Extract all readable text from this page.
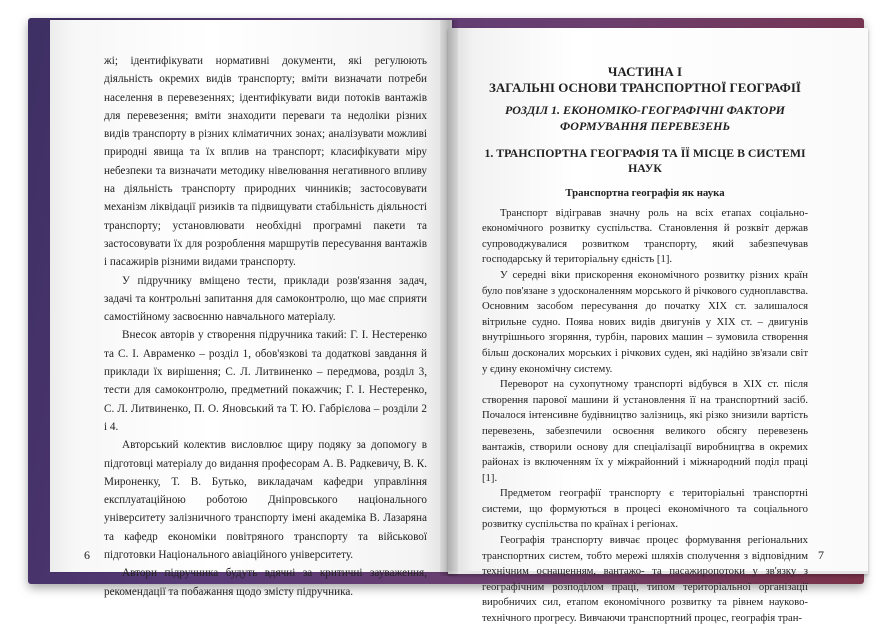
жі; ідентифікувати нормативні документи, які регулюють діяльність окремих видів транспорту; вміти визначати потреби населення в перевезеннях; ідентифікувати види потоків вантажів для перевезення; вміти знаходити переваги та недоліки різних видів транспорту в різних кліматичних зонах; аналізувати можливі природні явища та їх вплив на транспорт; класифікувати міру небезпеки та визначати методику нівелювання негативного впливу на діяльність транспорту природних чинників; застосовувати механізм ліквідації ризиків та підвищувати стабільність діяльності транспорту; установлювати необхідні програмні пакети та застосовувати їх для розроблення маршрутів пересування вантажів і пасажирів різними видами транспорту.

У підручнику вміщено тести, приклади розв'язання задач, задачі та контрольні запитання для самоконтролю, що має сприяти самостійному засвоєнню навчального матеріалу.

Внесок авторів у створення підручника такий: Г. І. Нестеренко та С. І. Авраменко – розділ 1, обов'язкові та додаткові завдання й приклади їх вирішення; С. Л. Литвиненко – передмова, розділ 3, тести для самоконтролю, предметний покажчик; Г. І. Нестеренко, С. Л. Литвиненко, П. О. Яновський та Т. Ю. Габрієлова – розділи 2 і 4.

Авторський колектив висловлює щиру подяку за допомогу в підготовці матеріалу до видання професорам А. В. Радкевичу, В. К. Мироненку, Т. В. Бутько, викладачам кафедри управління експлуатаційною роботою Дніпровського національного університету залізничного транспорту імені академіка В. Лазаряна та кафедр економіки повітряного транспорту та військової підготовки Національного авіаційного університету.

Автори підручника будуть вдячні за критичні зауваження, рекомендації та побажання щодо змісту підручника.

6
ЧАСТИНА І
ЗАГАЛЬНІ ОСНОВИ ТРАНСПОРТНОЇ ГЕОГРАФІЇ
РОЗДІЛ 1. ЕКОНОМІКО-ГЕОГРАФІЧНІ ФАКТОРИ
ФОРМУВАННЯ ПЕРЕВЕЗЕНЬ
1. ТРАНСПОРТНА ГЕОГРАФІЯ ТА ЇЇ МІСЦЕ В СИСТЕМІ НАУК
Транспортна географія як наука

Транспорт відігравав значну роль на всіх етапах соціально-економічного розвитку суспільства. Становлення й розквіт держав супроводжувалися розвитком транспорту, який забезпечував господарську й територіальну єдність [1].

У середні віки прискорення економічного розвитку різних країн було пов'язане з удосконаленням морського й річкового судноплавства. Основним засобом пересування до початку XIX ст. залишалося вітрильне судно. Поява нових видів двигунів у XIX ст. – двигунів внутрішнього згоряння, турбін, парових машин – зумовила створення більш досконалих морських і річкових суден, які надійно зв'язали світ у єдину економічну систему.

Переворот на сухопутному транспорті відбувся в XIX ст. після створення парової машини й установлення її на транспортний засіб. Почалося інтенсивне будівництво залізниць, які різко знизили вартість перевезень, забезпечили освоєння великого обсягу перевезень вантажів, створили основу для спеціалізації виробництва в окремих районах із включенням їх у міжрайонний і міжнародний поділ праці [1].

Предметом географії транспорту є територіальні транспортні системи, що формуються в процесі економічного та соціального розвитку суспільства по країнах і регіонах.

Географія транспорту вивчає процес формування регіональних транспортних систем, тобто мережі шляхів сполучення з відповідним технічним оснащенням, вантажо- та пасажиропотоки у зв'язку з географічним розподілом праці, типом територіальної організації виробничих сил, етапом економічного розвитку та рівнем науково-технічного прогресу. Вивчаючи транспортний процес, географія тран-

7
